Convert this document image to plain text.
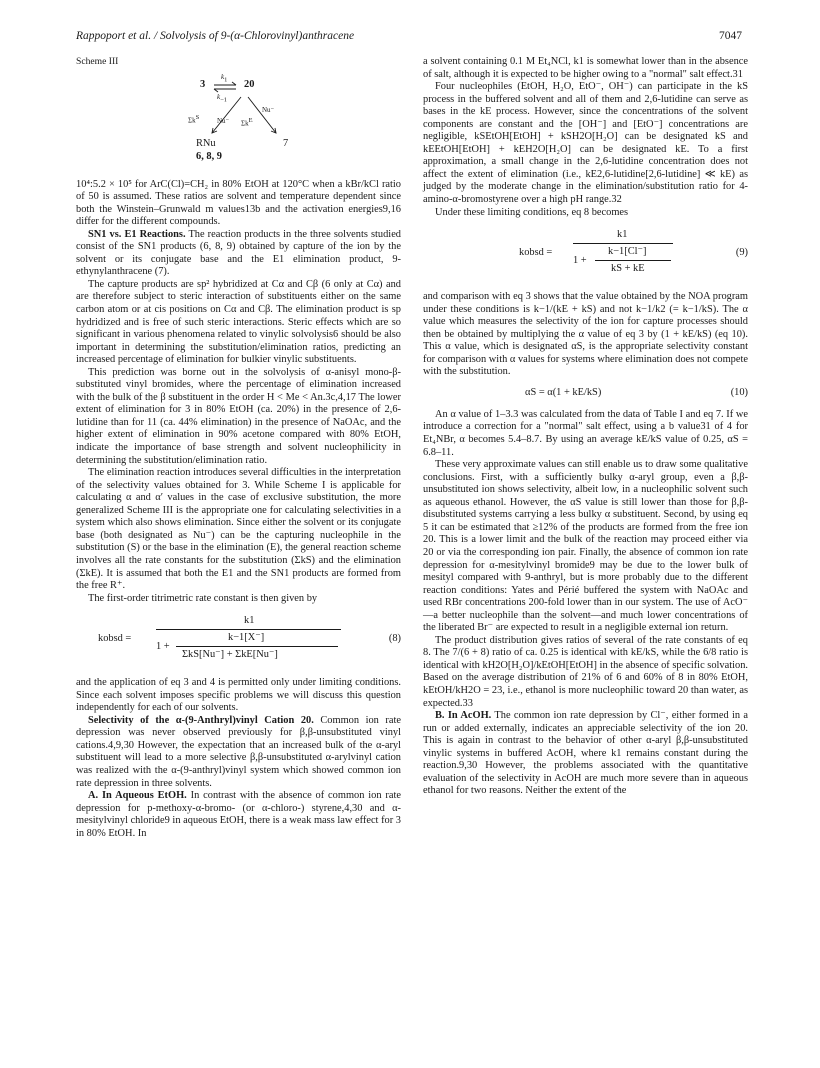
Rappoport et al. / Solvolysis of 9-(α-Chlorovinyl)anthracene	7047
Scheme III
3	20
$k_1$
$k_{-1}$
$\Sigma k^S$	Nu⁻ $\Sigma k^E$
Nu⁻
RNu	7
6, 8, 9

10⁴:5.2 × 10⁵ for ArC(Cl)=CH₂ in 80% EtOH at 120°C when a kBr/kCl ratio of 50 is assumed. These ratios are solvent and temperature dependent since both the Winstein–Grunwald m values13b and the activation energies9,16 differ for the different compounds.

SN1 vs. E1 Reactions. The reaction products in the three solvents studied consist of the SN1 products (6, 8, 9) obtained by capture of the ion by the solvent or its conjugate base and the E1 elimination product, 9-ethynylanthracene (7).

The capture products are sp² hybridized at Cα and Cβ (6 only at Cα) and are therefore subject to steric interaction of substituents either on the same carbon atom or at cis positions on Cα and Cβ. The elimination product is sp hydridized and is free of such steric interactions. Steric effects which are so significant in various phenomena related to vinylic solvolysis6 should be also important in determining the substitution/elimination ratios, predicting an increased percentage of elimination for bulkier vinylic substituents.

This prediction was borne out in the solvolysis of α-anisyl mono-β-substituted vinyl bromides, where the percentage of elimination increased with the bulk of the β substituent in the order H < Me < An.3c,4,17 The lower extent of elimination for 3 in 80% EtOH (ca. 20%) in the presence of 2,6-lutidine than for 11 (ca. 44% elimination) in the presence of NaOAc, and the higher extent of elimination in 90% acetone compared with 80% EtOH, indicate the importance of base strength and solvent nucleophilicity in determining the substitution/elimination ratio.

The elimination reaction introduces several difficulties in the interpretation of the selectivity values obtained for 3. While Scheme I is applicable for calculating α and α′ values in the case of exclusive substitution, the more generalized Scheme III is the appropriate one for calculating selectivities in a system which also shows elimination. Since either the solvent or its conjugate base (both designated as Nu⁻) can be the capturing nucleophile in the substitution (S) or the base in the elimination (E), the general reaction scheme involves all the rate constants for the substitution (ΣkS) and the elimination (ΣkE). It is assumed that both the E1 and the SN1 products are formed from the free R⁺.

The first-order titrimetric rate constant is then given by

kobsd =
k1
1 +
k−1[X⁻]
ΣkS[Nu⁻] + ΣkE[Nu⁻]
(8)

and the application of eq 3 and 4 is permitted only under limiting conditions. Since each solvent imposes specific problems we will discuss this question independently for each of our solvents.

Selectivity of the α-(9-Anthryl)vinyl Cation 20. Common ion rate depression was never observed previously for β,β-unsubstituted vinyl cations.4,9,30 However, the expectation that an increased bulk of the α-aryl substituent will lead to a more selective β,β-unsubstituted α-arylvinyl cation was realized with the α-(9-anthryl)vinyl system which showed common ion rate depression in three solvents.

A. In Aqueous EtOH. In contrast with the absence of common ion rate depression for p-methoxy-α-bromo- (or α-chloro-) styrene,4,30 and α-mesitylvinyl chloride9 in aqueous EtOH, there is a weak mass law effect for 3 in 80% EtOH. In

a solvent containing 0.1 M Et₄NCl, k1 is somewhat lower than in the absence of salt, although it is expected to be higher owing to a "normal" salt effect.31

Four nucleophiles (EtOH, H₂O, EtO⁻, OH⁻) can participate in the kS process in the buffered solvent and all of them and 2,6-lutidine can serve as bases in the kE process. However, since the concentrations of the solvent components are constant and the [OH⁻] and [EtO⁻] concentrations are negligible, kSEtOH[EtOH] + kSH2O[H₂O] can be designated kS and kEEtOH[EtOH] + kEH2O[H₂O] can be designated kE. To a first approximation, a small change in the 2,6-lutidine concentration does not affect the extent of elimination (i.e., kE2,6-lutidine[2,6-lutidine] ≪ kE) as judged by the moderate change in the elimination/substitution ratio for 4-amino-α-bromostyrene over a high pH range.32

Under these limiting conditions, eq 8 becomes

kobsd =
k1
1 +
k−1[Cl⁻]
kS + kE
(9)

and comparison with eq 3 shows that the value obtained by the NOA program under these conditions is k−1/(kE + kS) and not k−1/k2 (= k−1/kS). The α value which measures the selectivity of the ion for capture processes should then be obtained by multiplying the α value of eq 3 by (1 + kE/kS) (eq 10). This α value, which is designated αS, is the appropriate selectivity constant for comparison with α values for systems where elimination does not compete with the substitution.

αS = α(1 + kE/kS)	(10)

An α value of 1–3.3 was calculated from the data of Table I and eq 7. If we introduce a correction for a "normal" salt effect, using a b value31 of 4 for Et₄NBr, α becomes 5.4–8.7. By using an average kE/kS value of 0.25, αS = 6.8–11.

These very approximate values can still enable us to draw some qualitative conclusions. First, with a sufficiently bulky α-aryl group, even a β,β-unsubstituted ion shows selectivity, albeit low, in a nucleophilic solvent such as aqueous ethanol. However, the αS value is still lower than those for β,β-disubstituted systems carrying a less bulky α substituent. Second, by using eq 5 it can be estimated that ≥12% of the products are formed from the free ion 20. This is a lower limit and the bulk of the reaction may proceed either via 20 or via the corresponding ion pair. Finally, the absence of common ion rate depression for α-mesitylvinyl bromide9 may be due to the lower bulk of mesityl compared with 9-anthryl, but is more probably due to the different reaction conditions: Yates and Périé buffered the system with NaOAc and used RBr concentrations 200-fold lower than in our system. The use of AcO⁻—a better nucleophile than the solvent—and much lower concentrations of the liberated Br⁻ are expected to result in a negligible external ion return.

The product distribution gives ratios of several of the rate constants of eq 8. The 7/(6 + 8) ratio of ca. 0.25 is identical with kE/kS, while the 6/8 ratio is identical with kH2O[H₂O]/kEtOH[EtOH] in the absence of specific solvation. Based on the average distribution of 21% of 6 and 60% of 8 in 80% EtOH, kEtOH/kH2O = 23, i.e., ethanol is more nucleophilic toward 20 than water, as expected.33

B. In AcOH. The common ion rate depression by Cl⁻, either formed in a run or added externally, indicates an appreciable selectivity of the ion 20. This is again in contrast to the behavior of other α-aryl β,β-unsubstituted vinylic systems in buffered AcOH, where k1 remains constant during the reaction.9,30 However, the problems associated with the quantitative evaluation of the selectivity in AcOH are much more severe than in aqueous ethanol for two reasons. Neither the extent of the
